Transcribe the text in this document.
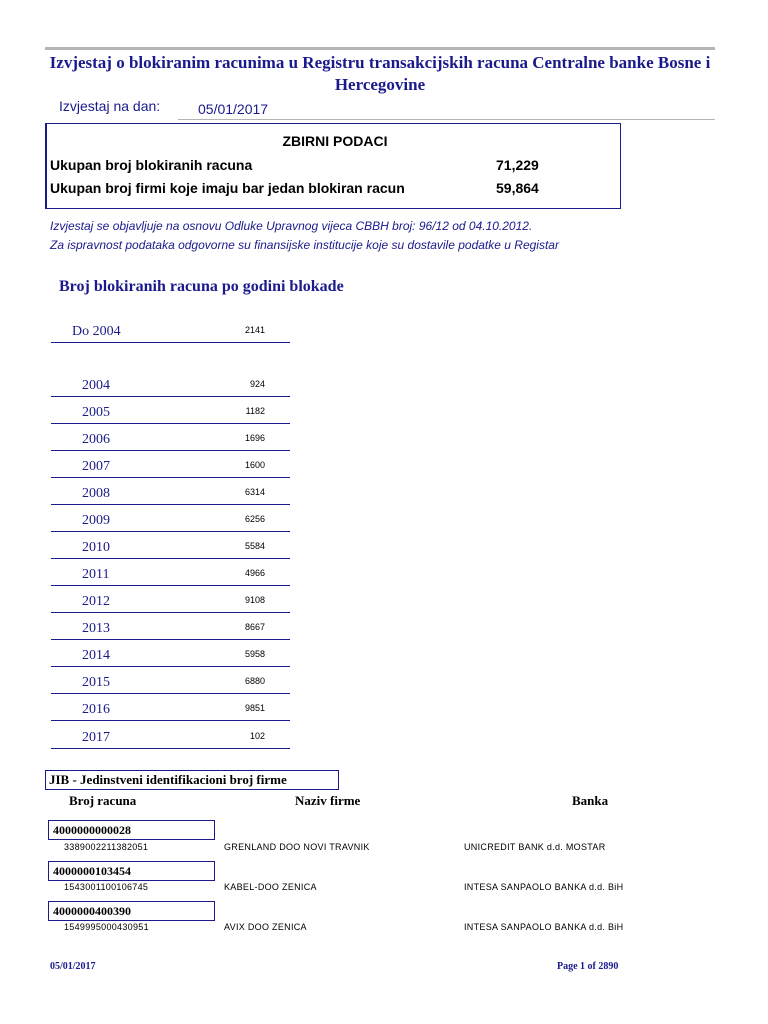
Izvjestaj o blokiranim racunima u Registru transakcijskih racuna Centralne banke Bosne i Hercegovine
Izvjestaj na dan:	05/01/2017
ZBIRNI PODACI
Ukupan broj blokiranih racuna	71,229
Ukupan broj firmi koje imaju bar jedan blokiran racun	59,864
Izvjestaj se objavljuje na osnovu Odluke Upravnog vijeca CBBH broj: 96/12 od 04.10.2012.
Za ispravnost podataka odgovorne su finansijske institucije koje su dostavile podatke u Registar
Broj blokiranih racuna po godini blokade
Do 2004	2141
2004	924
2005	1182
2006	1696
2007	1600
2008	6314
2009	6256
2010	5584
2011	4966
2012	9108
2013	8667
2014	5958
2015	6880
2016	9851
2017	102
JIB - Jedinstveni identifikacioni broj firme
Broj racuna	Naziv firme	Banka
4000000000028
3389002211382051	GRENLAND DOO NOVI TRAVNIK	UNICREDIT BANK d.d. MOSTAR
4000000103454
1543001100106745	KABEL-DOO ZENICA	INTESA SANPAOLO BANKA d.d. BiH
4000000400390
1549995000430951	AVIX DOO ZENICA	INTESA SANPAOLO BANKA d.d. BiH
05/01/2017	Page 1 of 2890
